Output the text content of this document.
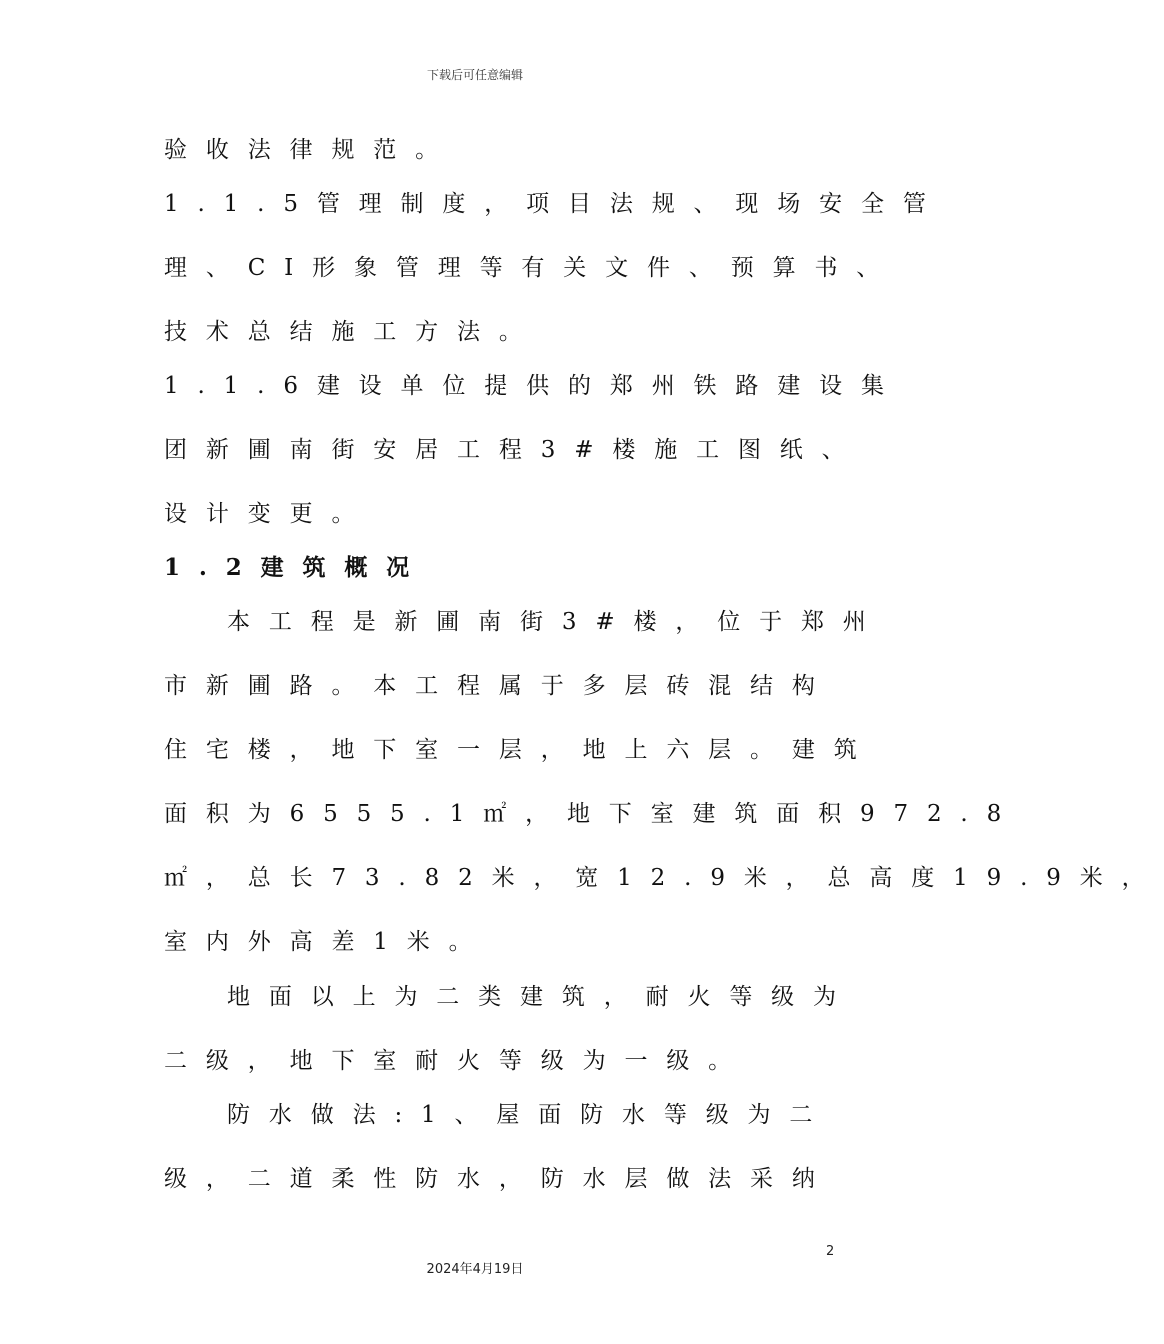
下载后可任意编辑
验收法律规范。
1.1.5管理制度，项目法规、现场安全管
理、CI形象管理等有关文件、预算书、
技术总结施工方法。
1.1.6建设单位提供的郑州铁路建设集
团新圃南街安居工程3#楼施工图纸、
设计变更。
1.2建筑概况
本工程是新圃南街3#楼，位于郑州
市新圃路。本工程属于多层砖混结构
住宅楼，地下室一层，地上六层。建筑
面积为6555.1㎡，地下室建筑面积972.8
㎡，总长73.82米，宽12.9米，总高度19.9米，
室内外高差1米。
地面以上为二类建筑，耐火等级为
二级，地下室耐火等级为一级。
防水做法:1、屋面防水等级为二
级，二道柔性防水，防水层做法采纳
2
2024年4月19日
